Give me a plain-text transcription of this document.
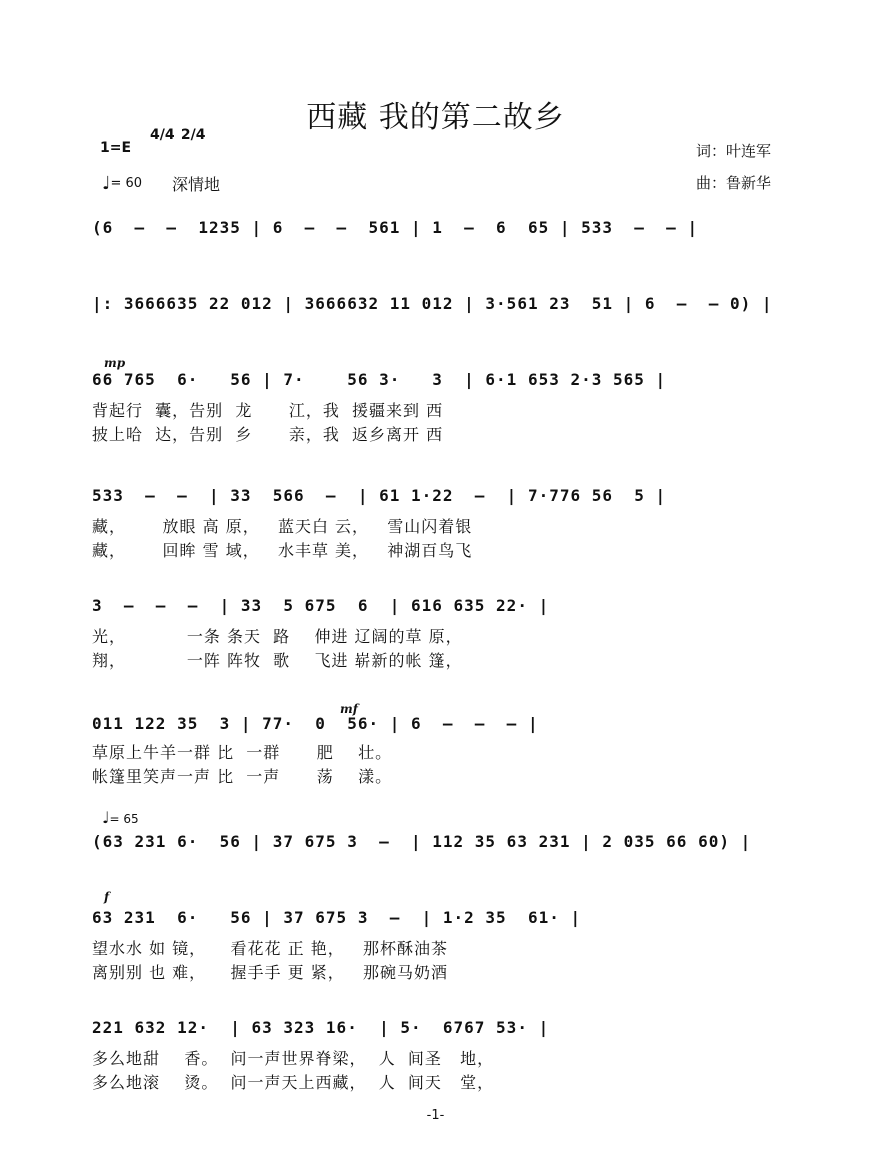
西藏 我的第二故乡
1=E
4/4 2/4
♩= 60 深情地
词：叶连军
曲：鲁新华
(6  –  –  1235 | 6  –  –  561 | 1  –  6  65 | 533  –  – |
|: 3666635 22 012 | 3666632 11 012 | 3·561 23  51 | 6  –  – 0) |
mp
66 765  6·   56 | 7·    56 3·   3  | 6·1 653 2·3 565 |
背起行  囊，告别  龙      江，我  援疆来到 西
披上哈  达，告别  乡      亲，我  返乡离开 西
533  –  –  | 33  566  –  | 61 1·22  –  | 7·776 56  5 |
藏，      放眼 高 原，   蓝天白 云，   雪山闪着银
藏，      回眸 雪 域，   水丰草 美，   神湖百鸟飞
3  –  –  –  | 33  5 675  6  | 616 635 22· |
光，          一条 条天  路    伸进 辽阔的草 原，
翔，          一阵 阵牧  歌    飞进 崭新的帐 篷，
mf
011 122 35  3 | 77·  0  56· | 6  –  –  – |
草原上牛羊一群 比  一群      肥    壮。
帐篷里笑声一声 比  一声      荡    漾。
♩= 65
(63 231 6·  56 | 37 675 3  –  | 112 35 63 231 | 2 035 66 60) |
f
63 231  6·   56 | 37 675 3  –  | 1·2 35  61· |
望水水 如 镜，    看花花 正 艳，   那杯酥油茶
离别别 也 难，    握手手 更 紧，   那碗马奶酒
221 632 12·  | 63 323 16·  | 5·  6767 53· |
多么地甜    香。  问一声世界脊梁，  人  间圣   地，
多么地滚    烫。  问一声天上西藏，  人  间天   堂，
-1-
